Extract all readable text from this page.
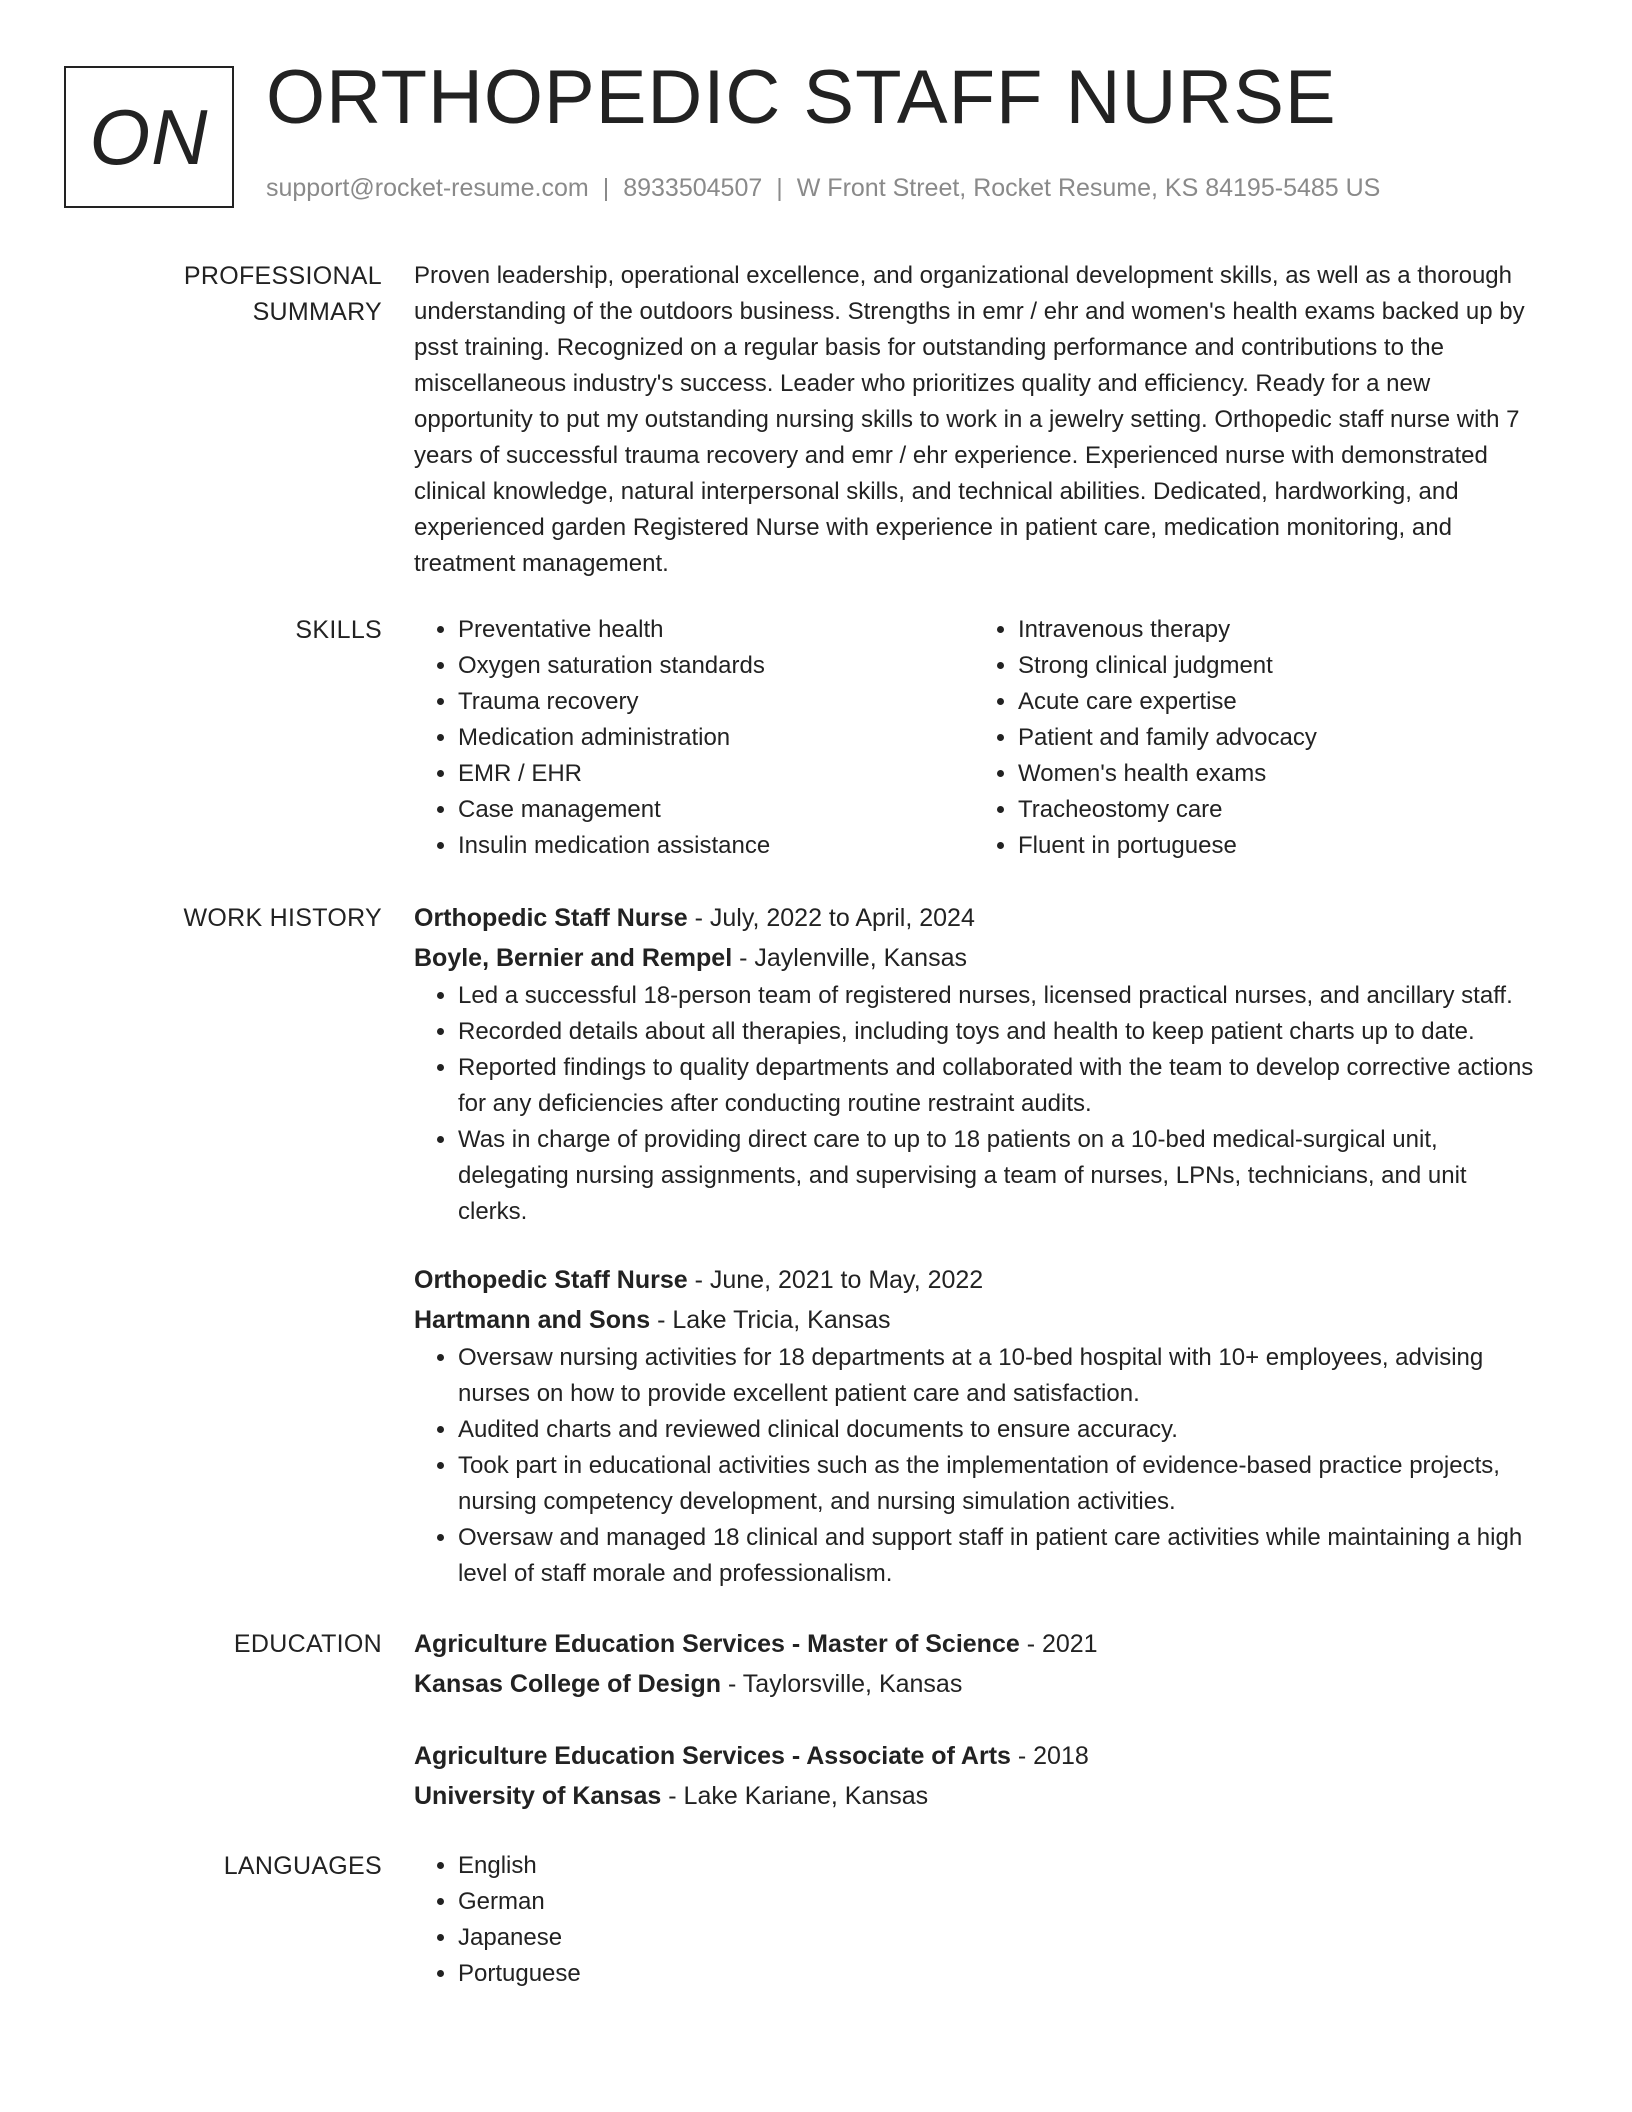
ON ORTHOPEDIC STAFF NURSE
support@rocket-resume.com | 8933504507 | W Front Street, Rocket Resume, KS 84195-5485 US
PROFESSIONAL SUMMARY

Proven leadership, operational excellence, and organizational development skills, as well as a thorough understanding of the outdoors business. Strengths in emr / ehr and women's health exams backed up by psst training. Recognized on a regular basis for outstanding performance and contributions to the miscellaneous industry's success. Leader who prioritizes quality and efficiency. Ready for a new opportunity to put my outstanding nursing skills to work in a jewelry setting. Orthopedic staff nurse with 7 years of successful trauma recovery and emr / ehr experience. Experienced nurse with demonstrated clinical knowledge, natural interpersonal skills, and technical abilities. Dedicated, hardworking, and experienced garden Registered Nurse with experience in patient care, medication monitoring, and treatment management.

SKILLS	• Preventative health
• Oxygen saturation standards
• Trauma recovery
• Medication administration
• EMR / EHR
• Case management
• Insulin medication assistance
• Intravenous therapy
• Strong clinical judgment
• Acute care expertise
• Patient and family advocacy
• Women's health exams
• Tracheostomy care
• Fluent in portuguese
WORK HISTORY	Orthopedic Staff Nurse - July, 2022 to April, 2024
Boyle, Bernier and Rempel - Jaylenville, Kansas
• Led a successful 18-person team of registered nurses, licensed practical nurses, and ancillary staff.
• Recorded details about all therapies, including toys and health to keep patient charts up to date.
• Reported findings to quality departments and collaborated with the team to develop corrective actions for any deficiencies after conducting routine restraint audits.
• Was in charge of providing direct care to up to 18 patients on a 10-bed medical-surgical unit, delegating nursing assignments, and supervising a team of nurses, LPNs, technicians, and unit clerks.
Orthopedic Staff Nurse - June, 2021 to May, 2022
Hartmann and Sons - Lake Tricia, Kansas
• Oversaw nursing activities for 18 departments at a 10-bed hospital with 10+ employees, advising nurses on how to provide excellent patient care and satisfaction.
• Audited charts and reviewed clinical documents to ensure accuracy.
• Took part in educational activities such as the implementation of evidence-based practice projects, nursing competency development, and nursing simulation activities.
• Oversaw and managed 18 clinical and support staff in patient care activities while maintaining a high level of staff morale and professionalism.
EDUCATION	Agriculture Education Services - Master of Science - 2021
Kansas College of Design - Taylorsville, Kansas
Agriculture Education Services - Associate of Arts - 2018
University of Kansas - Lake Kariane, Kansas
LANGUAGES	• English
• German
• Japanese
• Portuguese
